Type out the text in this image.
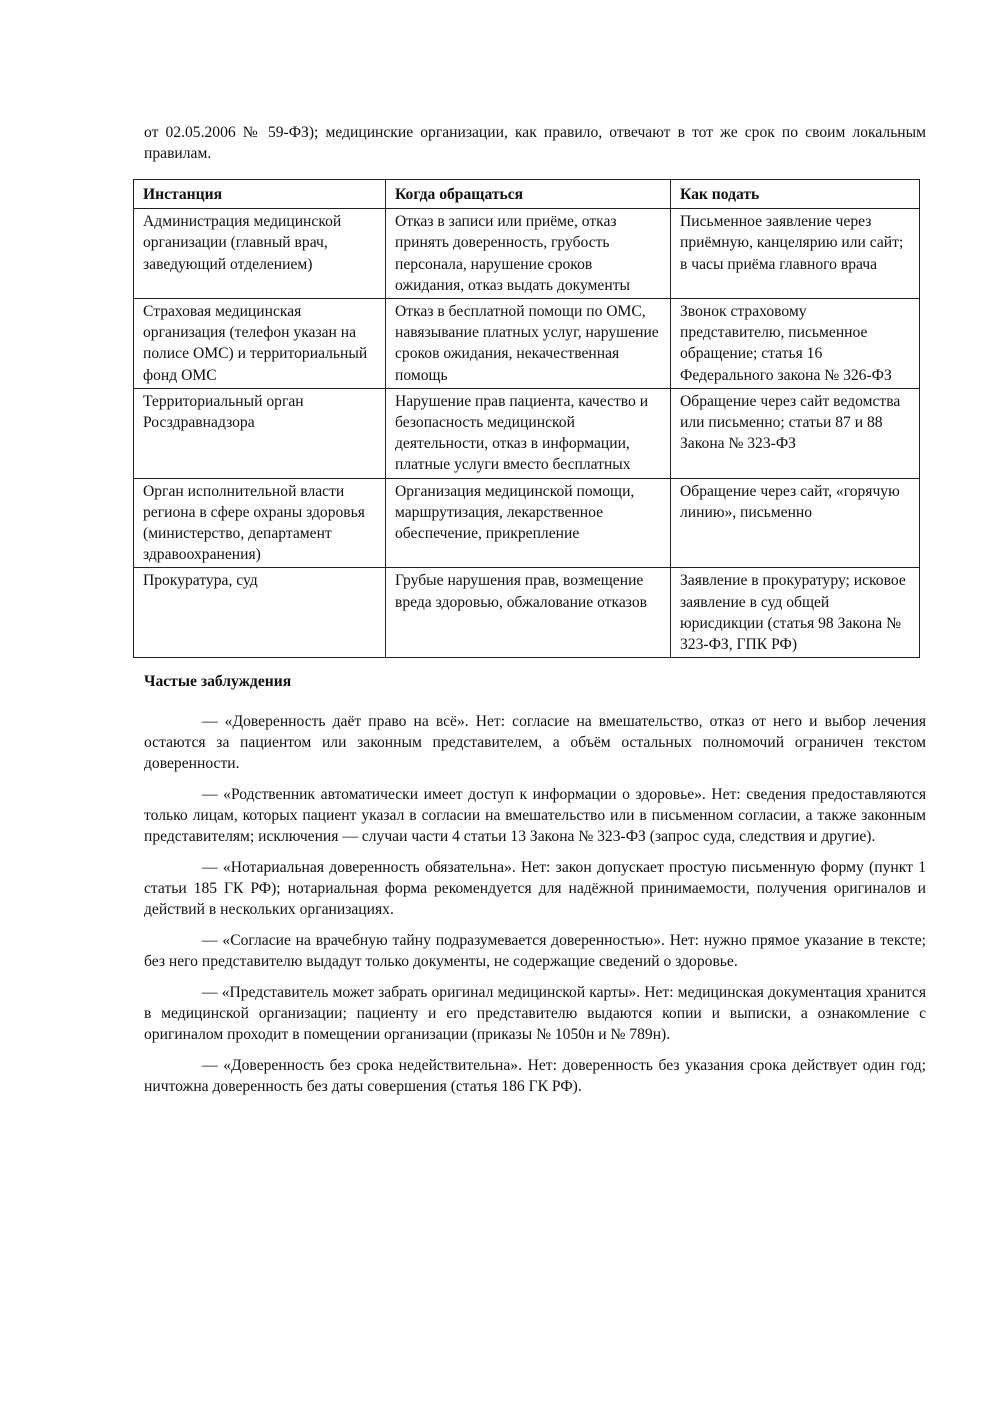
от 02.05.2006 № 59-ФЗ); медицинские организации, как правило, отвечают в тот же срок по своим локальным правилам.

Инстанция	Когда обращаться	Как подать
Администрация медицинской организации (главный врач, заведующий отделением)	Отказ в записи или приёме, отказ принять доверенность, грубость персонала, нарушение сроков ожидания, отказ выдать документы	Письменное заявление через приёмную, канцелярию или сайт; в часы приёма главного врача
Страховая медицинская организация (телефон указан на полисе ОМС) и территориальный фонд ОМС	Отказ в бесплатной помощи по ОМС, навязывание платных услуг, нарушение сроков ожидания, некачественная помощь	Звонок страховому представителю, письменное обращение; статья 16 Федерального закона № 326-ФЗ
Территориальный орган Росздравнадзора	Нарушение прав пациента, качество и безопасность медицинской деятельности, отказ в информации, платные услуги вместо бесплатных	Обращение через сайт ведомства или письменно; статьи 87 и 88 Закона № 323-ФЗ
Орган исполнительной власти региона в сфере охраны здоровья (министерство, департамент здравоохранения)	Организация медицинской помощи, маршрутизация, лекарственное обеспечение, прикрепление	Обращение через сайт, «горячую линию», письменно
Прокуратура, суд	Грубые нарушения прав, возмещение вреда здоровью, обжалование отказов	Заявление в прокуратуру; исковое заявление в суд общей юрисдикции (статья 98 Закона № 323-ФЗ, ГПК РФ)

Частые заблуждения

— «Доверенность даёт право на всё». Нет: согласие на вмешательство, отказ от него и выбор лечения остаются за пациентом или законным представителем, а объём остальных полномочий ограничен текстом доверенности.

— «Родственник автоматически имеет доступ к информации о здоровье». Нет: сведения предоставляются только лицам, которых пациент указал в согласии на вмешательство или в письменном согласии, а также законным представителям; исключения — случаи части 4 статьи 13 Закона № 323-ФЗ (запрос суда, следствия и другие).

— «Нотариальная доверенность обязательна». Нет: закон допускает простую письменную форму (пункт 1 статьи 185 ГК РФ); нотариальная форма рекомендуется для надёжной принимаемости, получения оригиналов и действий в нескольких организациях.

— «Согласие на врачебную тайну подразумевается доверенностью». Нет: нужно прямое указание в тексте; без него представителю выдадут только документы, не содержащие сведений о здоровье.

— «Представитель может забрать оригинал медицинской карты». Нет: медицинская документация хранится в медицинской организации; пациенту и его представителю выдаются копии и выписки, а ознакомление с оригиналом проходит в помещении организации (приказы № 1050н и № 789н).

— «Доверенность без срока недействительна». Нет: доверенность без указания срока действует один год; ничтожна доверенность без даты совершения (статья 186 ГК РФ).
